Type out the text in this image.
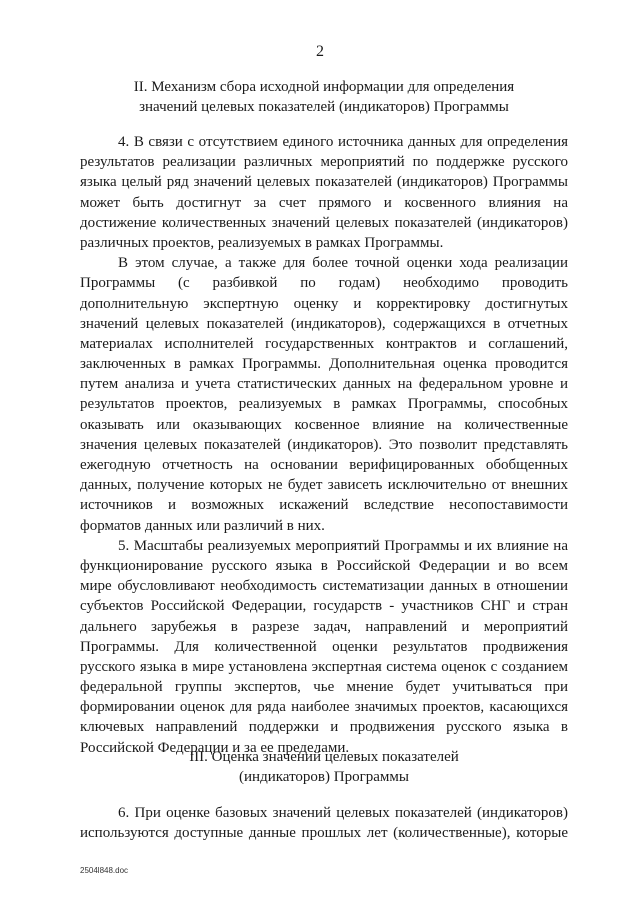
2
II. Механизм сбора исходной информации для определения
значений целевых показателей (индикаторов) Программы
4. В связи с отсутствием единого источника данных для определения
результатов реализации различных мероприятий по поддержке русского
языка целый ряд значений целевых показателей (индикаторов) Программы
может быть достигнут за счет прямого и косвенного влияния на
достижение количественных значений целевых показателей (индикаторов)
различных проектов, реализуемых в рамках Программы.
В этом случае, а также для более точной оценки хода реализации
Программы (с разбивкой по годам) необходимо проводить
дополнительную экспертную оценку и корректировку достигнутых
значений целевых показателей (индикаторов), содержащихся в отчетных
материалах исполнителей государственных контрактов и соглашений,
заключенных в рамках Программы. Дополнительная оценка проводится
путем анализа и учета статистических данных на федеральном уровне и
результатов проектов, реализуемых в рамках Программы, способных
оказывать или оказывающих косвенное влияние на количественные
значения целевых показателей (индикаторов). Это позволит представлять
ежегодную отчетность на основании верифицированных обобщенных
данных, получение которых не будет зависеть исключительно от внешних
источников и возможных искажений вследствие несопоставимости
форматов данных или различий в них.
5. Масштабы реализуемых мероприятий Программы и их влияние на
функционирование русского языка в Российской Федерации и во всем
мире обусловливают необходимость систематизации данных в отношении
субъектов Российской Федерации, государств - участников СНГ и стран
дальнего зарубежья в разрезе задач, направлений и мероприятий
Программы. Для количественной оценки результатов продвижения
русского языка в мире установлена экспертная система оценок с созданием
федеральной группы экспертов, чье мнение будет учитываться при
формировании оценок для ряда наиболее значимых проектов, касающихся
ключевых направлений поддержки и продвижения русского языка в
Российской Федерации и за ее пределами.
III. Оценка значений целевых показателей
(индикаторов) Программы
6. При оценке базовых значений целевых показателей (индикаторов)
используются доступные данные прошлых лет (количественные), которые
2504l848.doc
